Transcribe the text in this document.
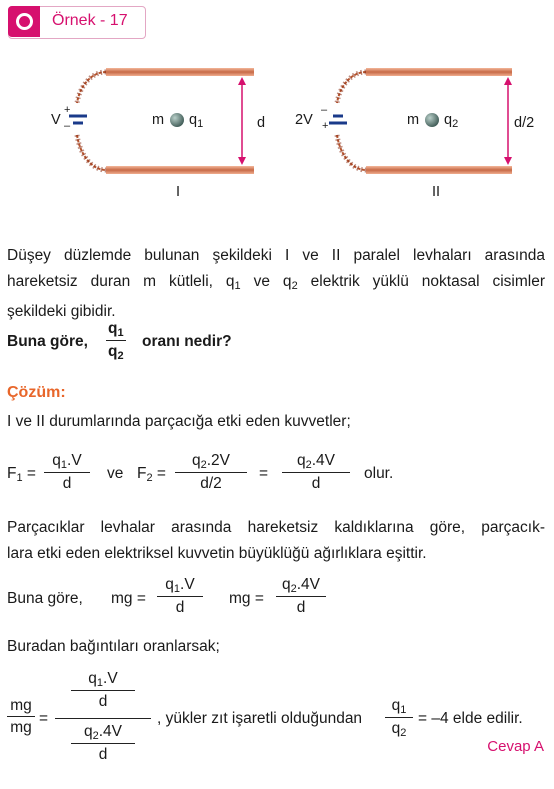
Örnek - 17
V
+
–	m $q_1$	d
I
2V +
–
m $q_2$	d/2
II
Düşey düzlemde bulunan şekildeki I ve II paralel levhaları arasında
hareketsiz duran m kütleli, $q_1$ ve $q_2$ elektrik yüklü noktasal cisimler
şekildeki gibidir.
Buna göre,
$q_1$
$q_2$
oranı nedir?
Çözüm:
I ve II durumlarında parçacığa etki eden kuvvetler;
$F_1$ =
$q_1.V$
d
ve $F_2$ =
$q_2.2V$
d/2
=
$q_2.4V$
d
olur.
Parçacıklar levhalar arasında hareketsiz kaldıklarına göre, parçacık-
lara etki eden elektriksel kuvvetin büyüklüğü ağırlıklara eşittir.
Buna göre, mg =
$q_1.V$
d
mg =
$q_2.4V$
d
Buradan bağıntıları oranlarsak;
mg
mg
=
$q_1.V$
d
$q_2.4V$
d
, yükler zıt işaretli olduğundan
$q_1$
$q_2$
= –4 elde edilir.
Cevap A
